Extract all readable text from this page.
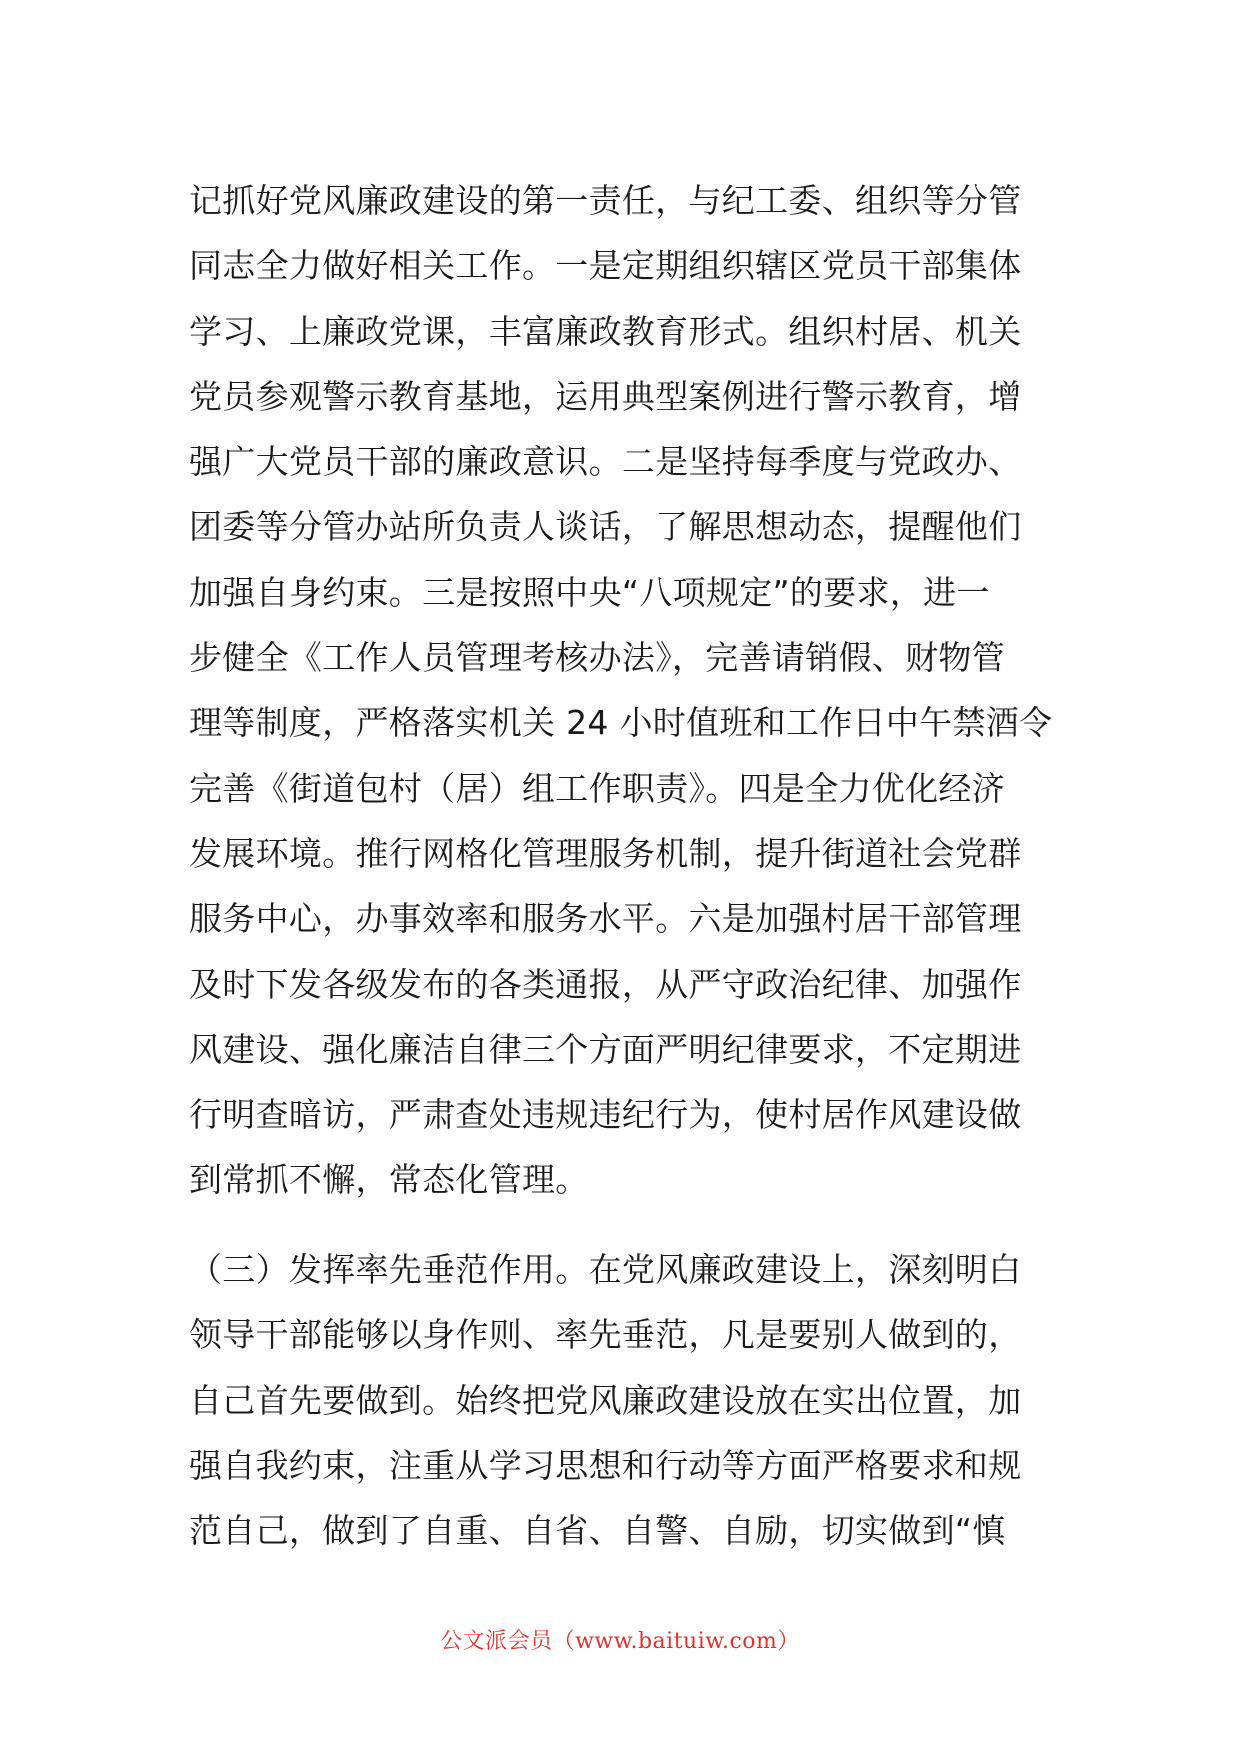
记抓好党风廉政建设的第一责任，与纪工委、组织等分管
同志全力做好相关工作。一是定期组织辖区党员干部集体
学习、上廉政党课，丰富廉政教育形式。组织村居、机关
党员参观警示教育基地，运用典型案例进行警示教育，增
强广大党员干部的廉政意识。二是坚持每季度与党政办、
团委等分管办站所负责人谈话，了解思想动态，提醒他们
加强自身约束。三是按照中央“八项规定”的要求，进一
步健全《工作人员管理考核办法》，完善请销假、财物管
理等制度，严格落实机关 24 小时值班和工作日中午禁酒令
完善《街道包村（居）组工作职责》。四是全力优化经济
发展环境。推行网格化管理服务机制，提升街道社会党群
服务中心，办事效率和服务水平。六是加强村居干部管理
及时下发各级发布的各类通报，从严守政治纪律、加强作
风建设、强化廉洁自律三个方面严明纪律要求，不定期进
行明查暗访，严肃查处违规违纪行为，使村居作风建设做
到常抓不懈，常态化管理。
（三）发挥率先垂范作用。在党风廉政建设上，深刻明白
领导干部能够以身作则、率先垂范，凡是要别人做到的，
自己首先要做到。始终把党风廉政建设放在实出位置，加
强自我约束，注重从学习思想和行动等方面严格要求和规
范自己，做到了自重、自省、自警、自励，切实做到“慎
公文派会员（www.baituiw.com）
